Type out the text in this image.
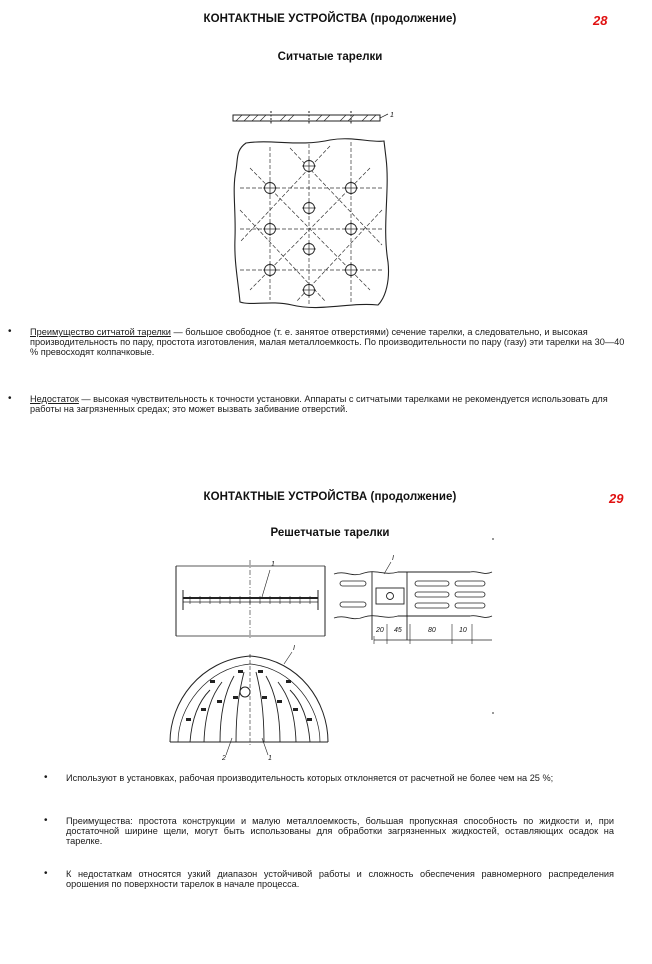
КОНТАКТНЫЕ УСТРОЙСТВА (продолжение)	28
Ситчатые тарелки
1
• Преимущество ситчатой тарелки — большое свободное (т. е. занятое отверстиями) сечение тарелки, а следовательно, и высокая производительность по пару, простота изготовления, малая металлоемкость. По производительности по пару (газу) эти тарелки на 30—40 % превосходят колпачковые.
• Недостаток — высокая чувствительность к точности установки. Аппараты с ситчатыми тарелками не рекомендуется использовать для работы на загрязненных средах; это может вызвать забивание отверстий.
КОНТАКТНЫЕ УСТРОЙСТВА (продолжение)	29
Решетчатые тарелки
1
I
I
2	1
20 45	80	10
• Используют в установках, рабочая производительность которых отклоняется от расчетной не более чем на 25 %;
• Преимущества: простота конструкции и малую металлоемкость, большая пропускная способность по жидкости и, при достаточной ширине щели, могут быть использованы для обработки загрязненных жидкостей, оставляющих осадок на тарелке.
• К недостаткам относятся узкий диапазон устойчивой работы и сложность обеспечения равномерного распределения орошения по поверхности тарелок в начале процесса.
